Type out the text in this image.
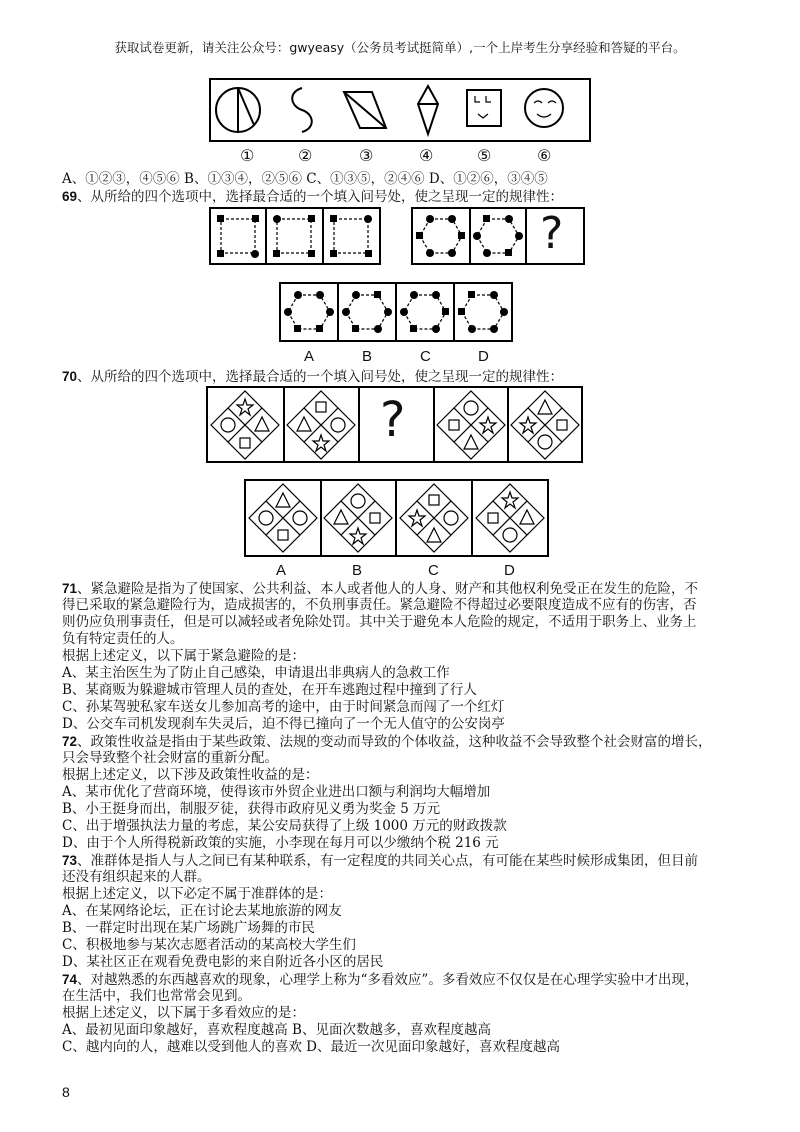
获取试卷更新，请关注公众号：gwyeasy（公务员考试挺简单）,一个上岸考生分享经验和答疑的平台。
①	②	③	④	⑤	⑥
A、①②③，④⑤⑥ B、①③④，②⑤⑥ C、①③⑤，②④⑥ D、①②⑥，③④⑤
69、从所给的四个选项中，选择最合适的一个填入问号处，使之呈现一定的规律性：
?
A	B	C	D
70、从所给的四个选项中，选择最合适的一个填入问号处，使之呈现一定的规律性：
?
A	B	C	D
71、紧急避险是指为了使国家、公共利益、本人或者他人的人身、财产和其他权利免受正在发生的危险，不
得已采取的紧急避险行为，造成损害的，不负刑事责任。紧急避险不得超过必要限度造成不应有的伤害，否
则仍应负刑事责任，但是可以减轻或者免除处罚。其中关于避免本人危险的规定，不适用于职务上、业务上
负有特定责任的人。
根据上述定义，以下属于紧急避险的是：
A、某主治医生为了防止自己感染，申请退出非典病人的急救工作
B、某商贩为躲避城市管理人员的查处，在开车逃跑过程中撞到了行人
C、孙某驾驶私家车送女儿参加高考的途中，由于时间紧急而闯了一个红灯
D、公交车司机发现刹车失灵后，迫不得已撞向了一个无人值守的公安岗亭
72、政策性收益是指由于某些政策、法规的变动而导致的个体收益，这种收益不会导致整个社会财富的增长，
只会导致整个社会财富的重新分配。
根据上述定义，以下涉及政策性收益的是：
A、某市优化了营商环境，使得该市外贸企业进出口额与利润均大幅增加
B、小王挺身而出，制服歹徒，获得市政府见义勇为奖金 5 万元
C、出于增强执法力量的考虑，某公安局获得了上级 1000 万元的财政拨款
D、由于个人所得税新政策的实施，小李现在每月可以少缴纳个税 216 元
73、准群体是指人与人之间已有某种联系，有一定程度的共同关心点，有可能在某些时候形成集团，但目前
还没有组织起来的人群。
根据上述定义，以下必定不属于准群体的是：
A、在某网络论坛，正在讨论去某地旅游的网友
B、一群定时出现在某广场跳广场舞的市民
C、积极地参与某次志愿者活动的某高校大学生们
D、某社区正在观看免费电影的来自附近各小区的居民
74、对越熟悉的东西越喜欢的现象，心理学上称为“多看效应”。多看效应不仅仅是在心理学实验中才出现，
在生活中，我们也常常会见到。
根据上述定义，以下属于多看效应的是：
A、最初见面印象越好，喜欢程度越高 B、见面次数越多，喜欢程度越高
C、越内向的人，越难以受到他人的喜欢 D、最近一次见面印象越好，喜欢程度越高
8
